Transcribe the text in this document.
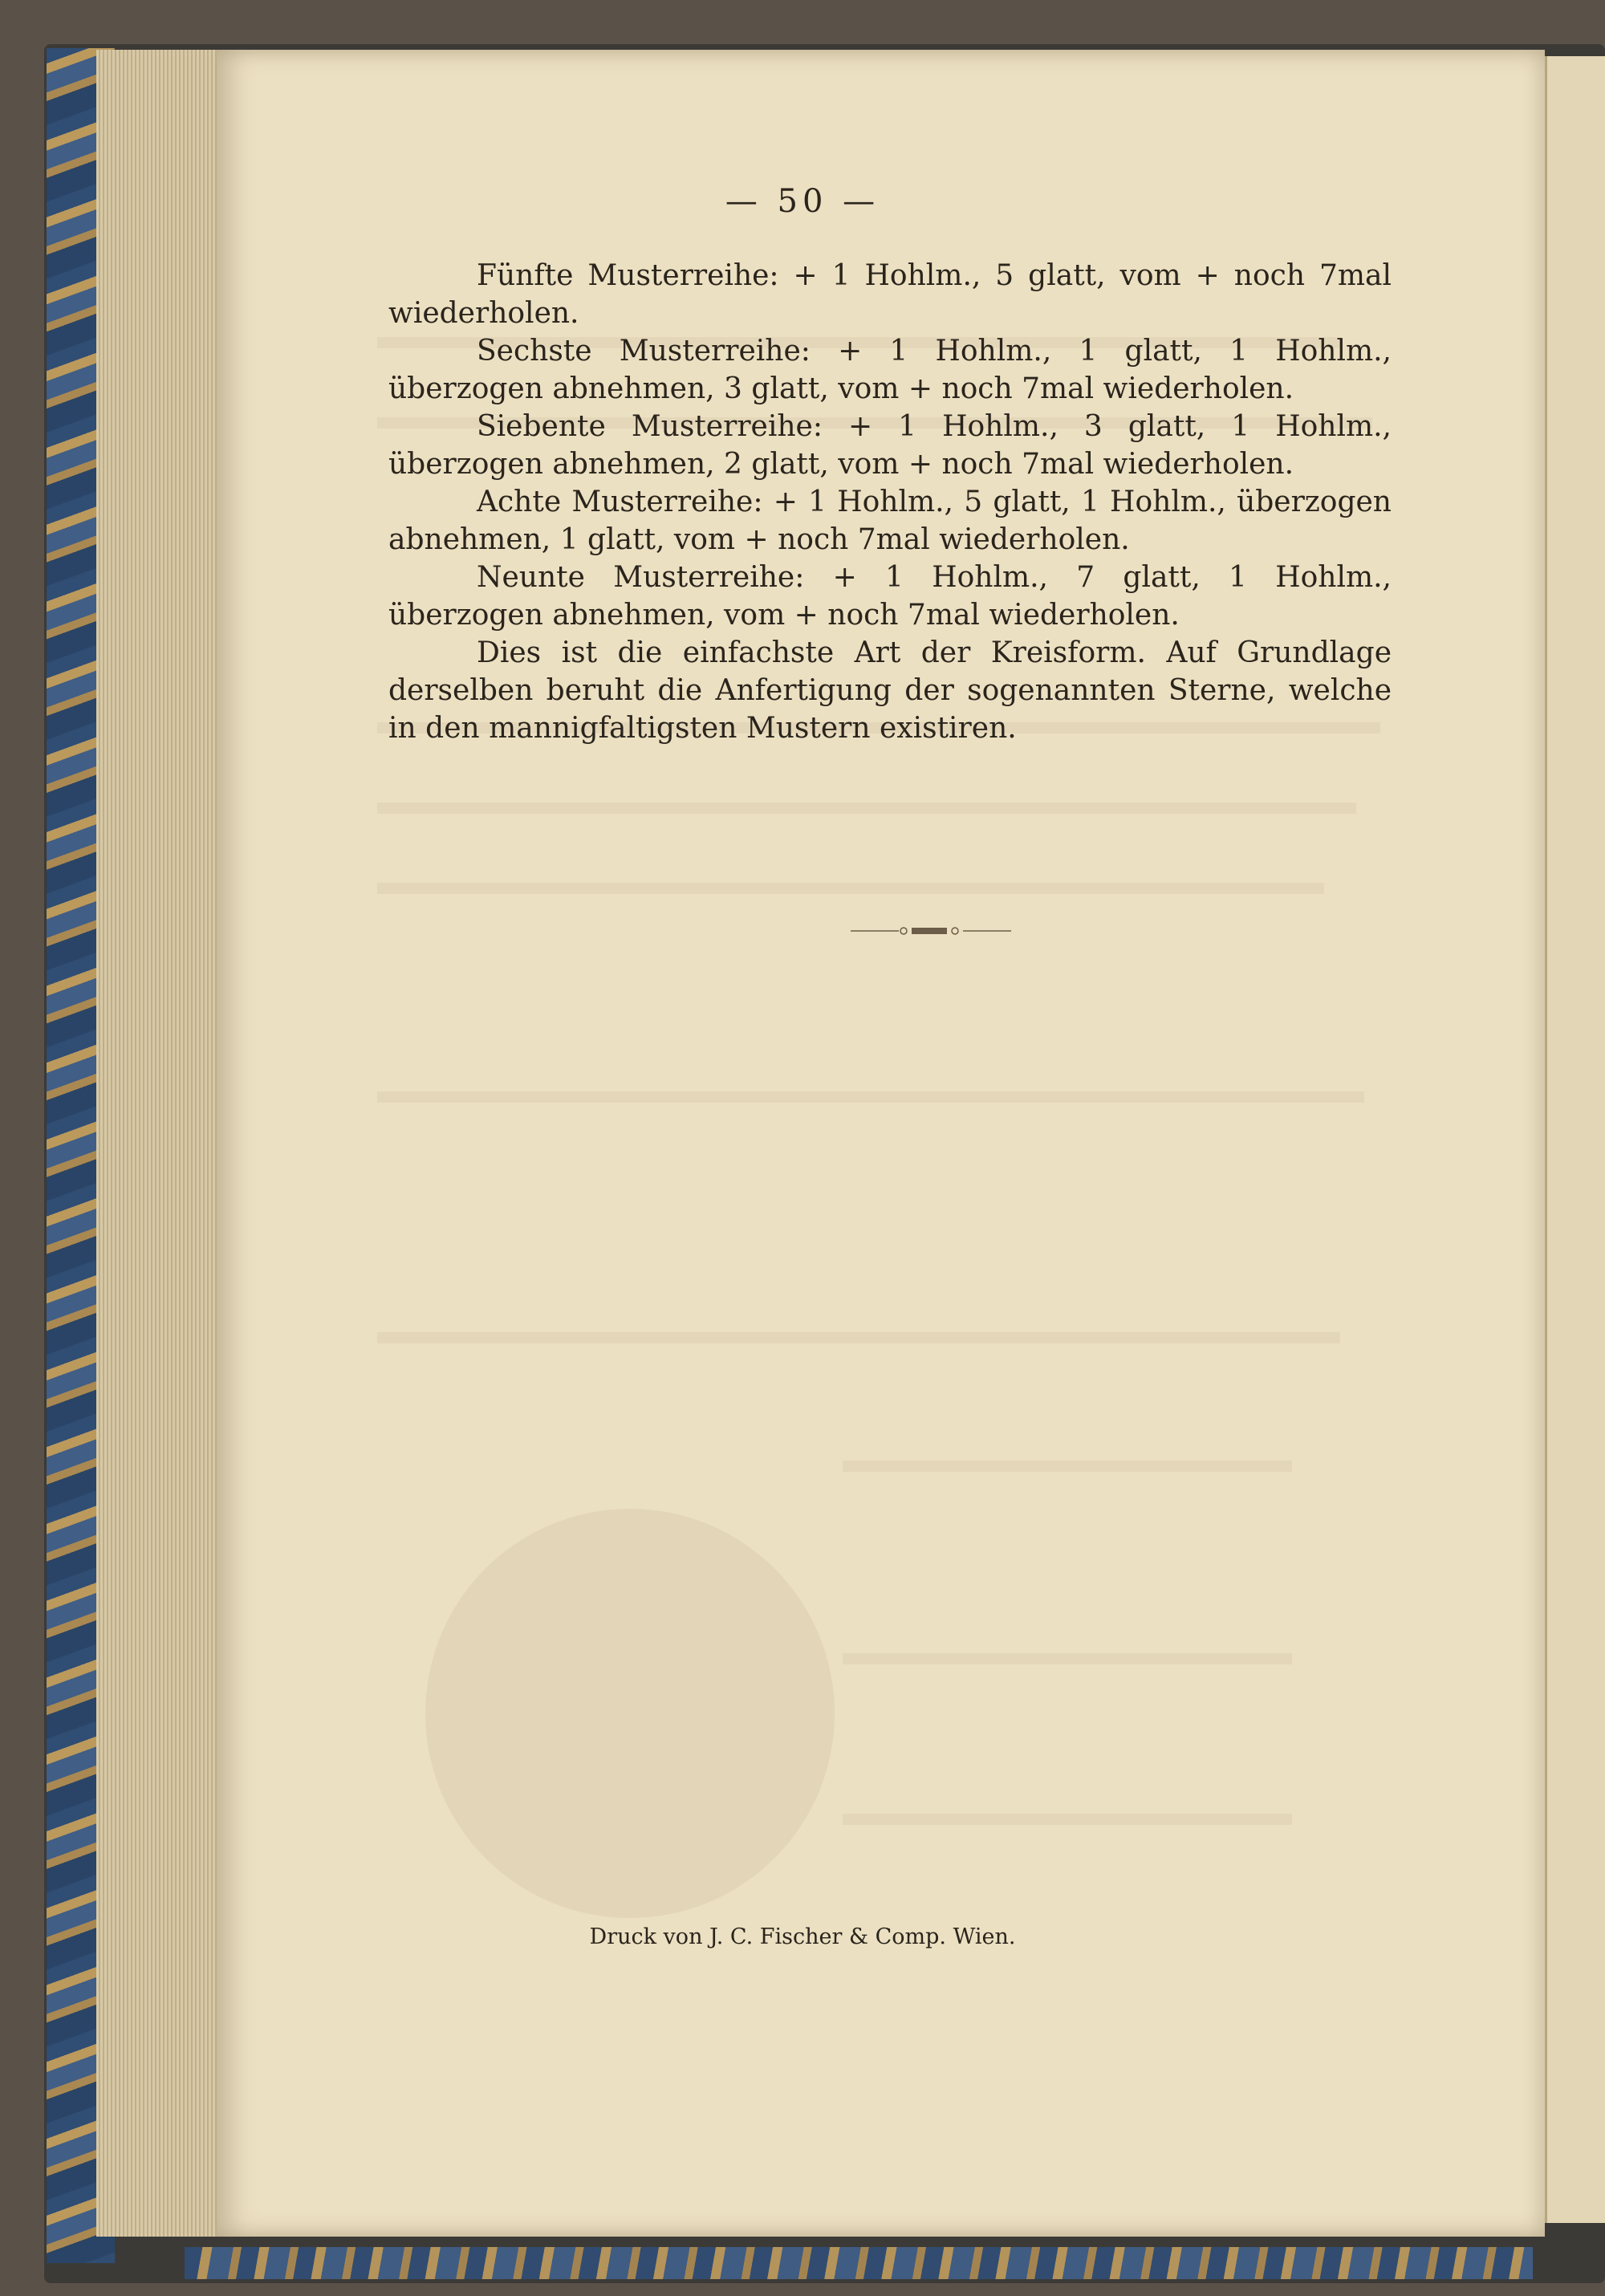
— 50 —

Fünfte Musterreihe: + 1 Hohlm., 5 glatt, vom + noch 7mal wiederholen.

Sechste Musterreihe: + 1 Hohlm., 1 glatt, 1 Hohlm., überzogen abnehmen, 3 glatt, vom + noch 7mal wiederholen.

Siebente Musterreihe: + 1 Hohlm., 3 glatt, 1 Hohlm., überzogen abnehmen, 2 glatt, vom + noch 7mal wiederholen.

Achte Musterreihe: + 1 Hohlm., 5 glatt, 1 Hohlm., überzogen abnehmen, 1 glatt, vom + noch 7mal wiederholen.

Neunte Musterreihe: + 1 Hohlm., 7 glatt, 1 Hohlm., überzogen abnehmen, vom + noch 7mal wiederholen.

Dies ist die einfachste Art der Kreisform. Auf Grundlage derselben beruht die Anfertigung der sogenannten Sterne, welche in den mannigfaltigsten Mustern existiren.

Druck von J. C. Fischer & Comp. Wien.
